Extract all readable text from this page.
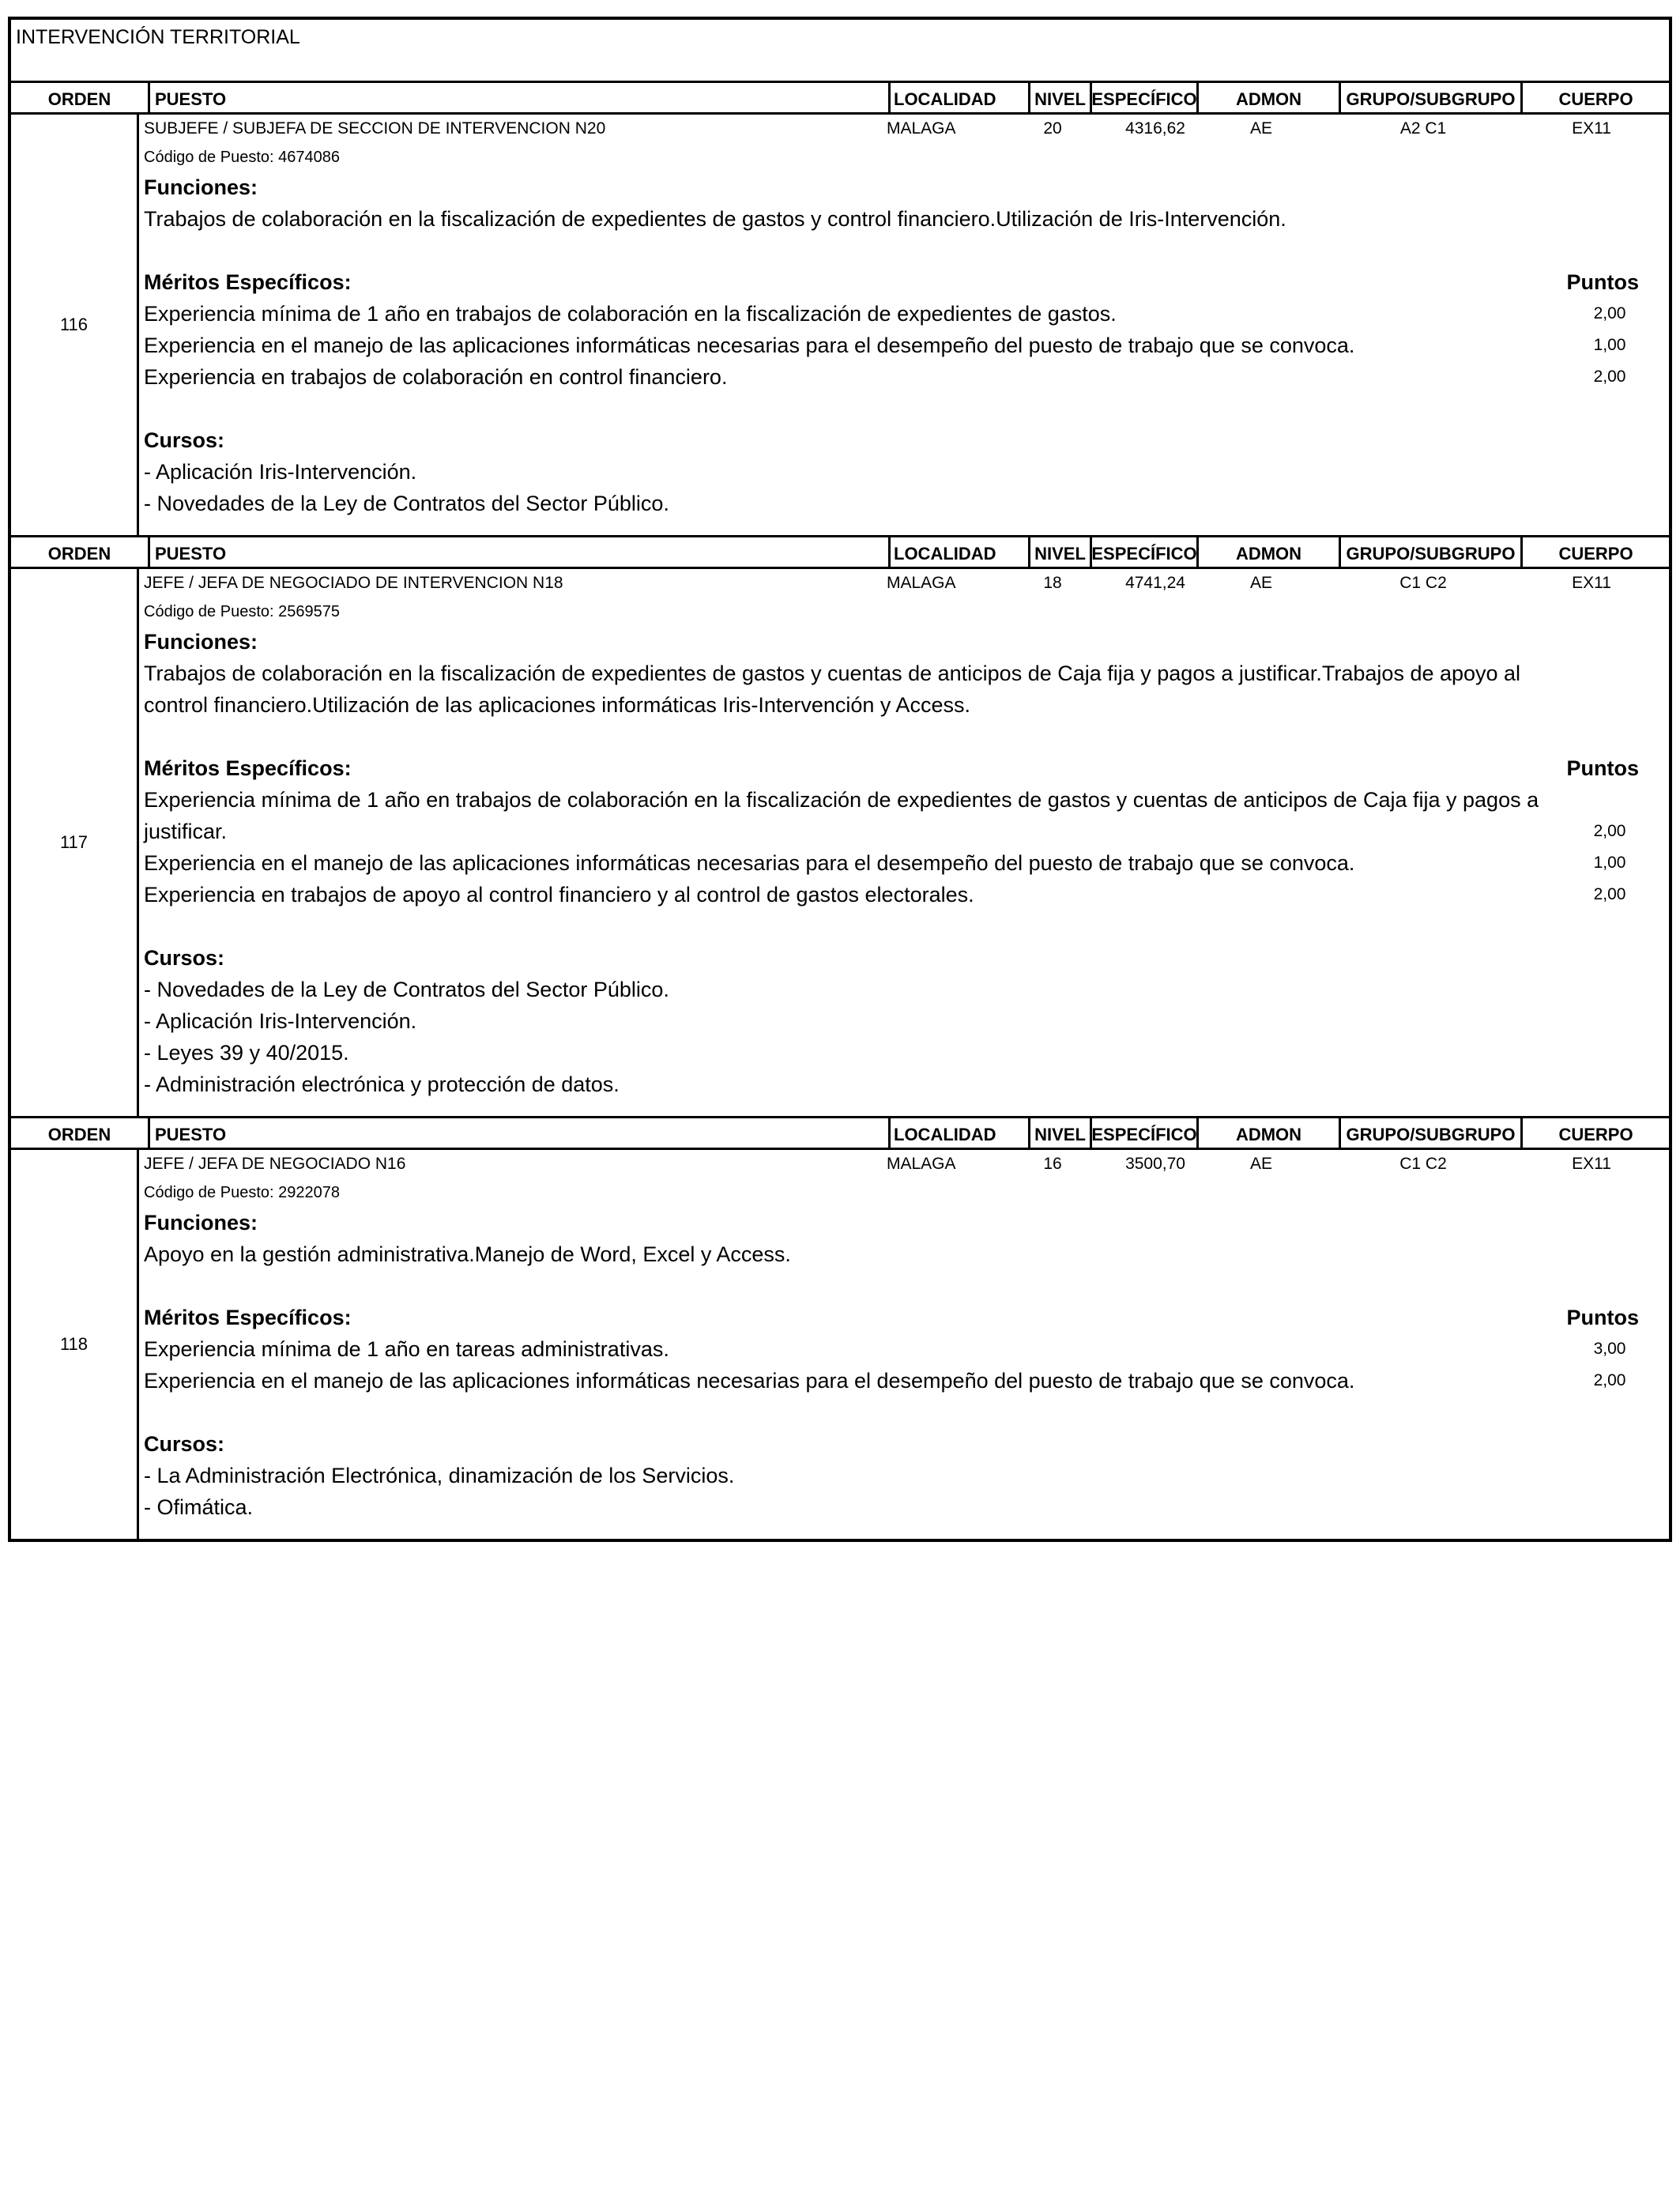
INTERVENCIÓN TERRITORIAL
ORDEN	PUESTO	LOCALIDAD	NIVEL ESPECÍFICO	ADMON	GRUPO/SUBGRUPO	CUERPO
116
SUBJEFE / SUBJEFA DE SECCION DE INTERVENCION N20	MALAGA	20	4316,62	AE	A2 C1	EX11
Código de Puesto: 4674086
Funciones:
Trabajos de colaboración en la fiscalización de expedientes de gastos y control financiero.Utilización de Iris-Intervención.
Méritos Específicos:	Puntos
Experiencia mínima de 1 año en trabajos de colaboración en la fiscalización de expedientes de gastos.	2,00
Experiencia en el manejo de las aplicaciones informáticas necesarias para el desempeño del puesto de trabajo que se convoca.	1,00
Experiencia en trabajos de colaboración en control financiero.	2,00
Cursos:
- Aplicación Iris-Intervención.
- Novedades de la Ley de Contratos del Sector Público.
ORDEN	PUESTO	LOCALIDAD	NIVEL ESPECÍFICO	ADMON	GRUPO/SUBGRUPO	CUERPO
117
JEFE / JEFA DE NEGOCIADO DE INTERVENCION N18	MALAGA	18	4741,24	AE	C1 C2	EX11
Código de Puesto: 2569575
Funciones:
Trabajos de colaboración en la fiscalización de expedientes de gastos y cuentas de anticipos de Caja fija y pagos a justificar.Trabajos de apoyo al control financiero.Utilización de las aplicaciones informáticas Iris-Intervención y Access.
Méritos Específicos:	Puntos
Experiencia mínima de 1 año en trabajos de colaboración en la fiscalización de expedientes de gastos y cuentas de anticipos de Caja fija y pagos a justificar.	2,00
Experiencia en el manejo de las aplicaciones informáticas necesarias para el desempeño del puesto de trabajo que se convoca.	1,00
Experiencia en trabajos de apoyo al control financiero y al control de gastos electorales.	2,00
Cursos:
- Novedades de la Ley de Contratos del Sector Público.
- Aplicación Iris-Intervención.
- Leyes 39 y 40/2015.
- Administración electrónica y protección de datos.
ORDEN	PUESTO	LOCALIDAD	NIVEL ESPECÍFICO	ADMON	GRUPO/SUBGRUPO	CUERPO
118
JEFE / JEFA DE NEGOCIADO N16	MALAGA	16	3500,70	AE	C1 C2	EX11
Código de Puesto: 2922078
Funciones:
Apoyo en la gestión administrativa.Manejo de Word, Excel y Access.
Méritos Específicos:	Puntos
Experiencia mínima de 1 año en tareas administrativas.	3,00
Experiencia en el manejo de las aplicaciones informáticas necesarias para el desempeño del puesto de trabajo que se convoca.	2,00
Cursos:
- La Administración Electrónica, dinamización de los Servicios.
- Ofimática.
